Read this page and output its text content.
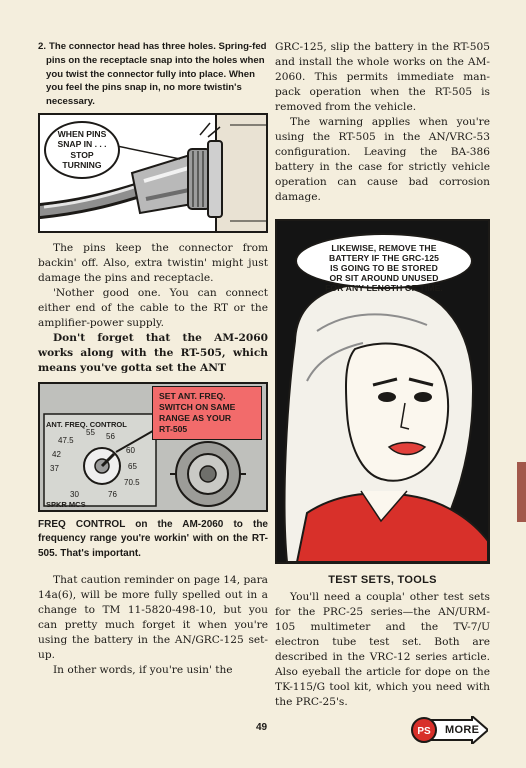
2. The connector head has three holes. Spring-fed pins on the receptacle snap into the holes when you twist the connector fully into place. When you feel the pins snap in, no more twistin's necessary.

WHEN PINS
SNAP IN . . .
STOP
TURNING

The pins keep the connector from backin' off. Also, extra twistin' might just damage the pins and receptacle.

'Nother good one. You can connect either end of the cable to the RT or the amplifier-power supply.

Don't forget that the AM-2060 works along with the RT-505, which means you've gotta set the ANT

SET ANT. FREQ.
SWITCH ON SAME
RANGE AS YOUR
RT-505
ANT. FREQ. CONTROL
47.5
55 56
42	60
37	65
70.5
30	76
SPKR MCS

FREQ CONTROL on the AM-2060 to the frequency range you're workin' with on the RT-505. That's important.

That caution reminder on page 14, para 14a(6), will be more fully spelled out in a change to TM 11-5820-498-10, but you can pretty much forget it when you're using the battery in the AN/GRC-125 set-up.

In other words, if you're usin' the

GRC-125, slip the battery in the RT-505 and install the whole works on the AM-2060. This permits immediate man-pack operation when the RT-505 is removed from the vehicle.

The warning applies when you're using the RT-505 in the AN/VRC-53 configuration. Leaving the BA-386 battery in the case for strictly vehicle operation can cause bad corrosion damage.

LIKEWISE, REMOVE THE
BATTERY IF THE GRC-125
IS GOING TO BE STORED
OR SIT AROUND UNUSED
LENGTH OF TIME.
TEST SETS, TOOLS

You'll need a coupla' other test sets for the PRC-25 series—the AN/URM-105 multimeter and the TV-7/U electron tube test set. Both are described in the VRC-12 series article. Also eyeball the article for dope on the TK-115/G tool kit, which you need with the PRC-25's.

49	PS MORE
